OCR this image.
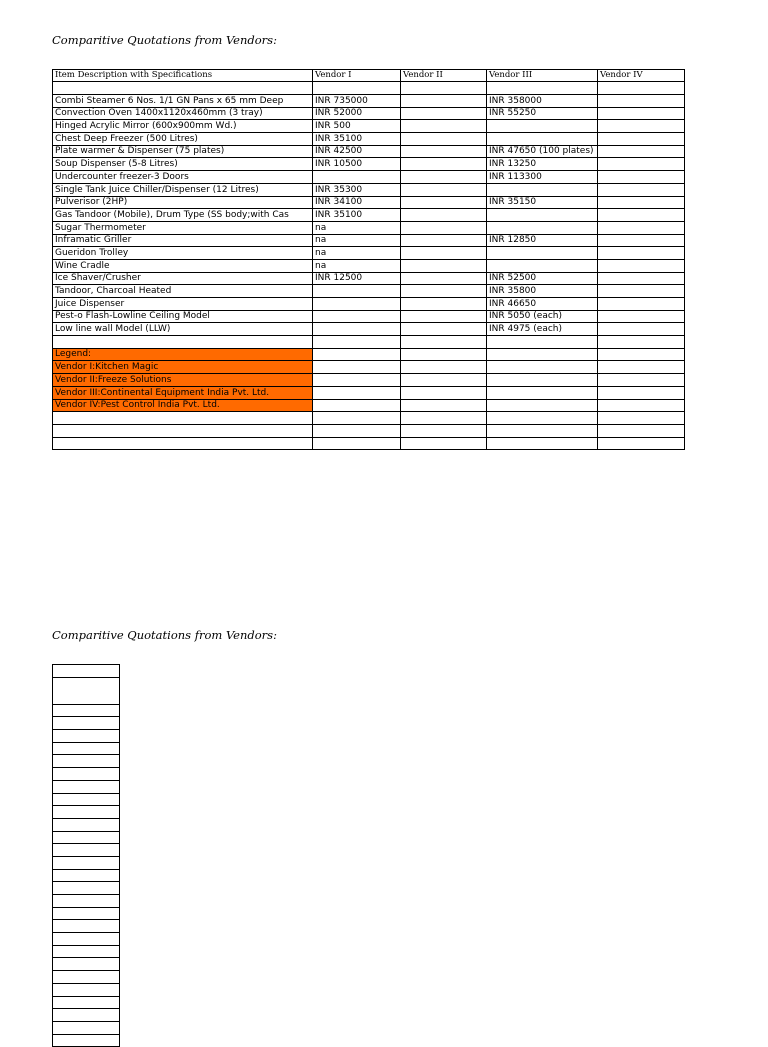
Comparitive Quotations from Vendors:
Item Description with Specifications	Vendor I	Vendor II	Vendor III	Vendor IV

Combi Steamer 6 Nos. 1/1 GN Pans x 65 mm Deep	INR 735000		INR 358000	
Convection Oven 1400x1120x460mm (3 tray)	INR 52000		INR 55250	
Hinged Acrylic Mirror (600x900mm Wd.)	INR 500			
Chest Deep Freezer (500 Litres)	INR 35100			
Plate warmer & Dispenser (75 plates)	INR 42500		INR 47650 (100 plates)	
Soup Dispenser (5-8 Litres)	INR 10500		INR 13250	
Undercounter freezer-3 Doors			INR 113300	
Single Tank Juice Chiller/Dispenser (12 Litres)	INR 35300			
Pulverisor (2HP)	INR 34100		INR 35150	
Gas Tandoor (Mobile), Drum Type (SS body;with Cas	INR 35100			
Sugar Thermometer	na			
Inframatic Griller	na		INR 12850	
Gueridon Trolley	na			
Wine Cradle	na			
Ice Shaver/Crusher	INR 12500		INR 52500	
Tandoor, Charcoal Heated			INR 35800	
Juice Dispenser			INR 46650	
Pest-o Flash-Lowline Ceiling Model			INR 5050 (each)	
Low line wall Model (LLW)			INR 4975 (each)	

Legend:				
Vendor I:Kitchen Magic				
Vendor II:Freeze Solutions				
Vendor III:Continental Equipment India Pvt. Ltd.				
Vendor IV:Pest Control India Pvt. Ltd.				

Comparitive Quotations from Vendors:
